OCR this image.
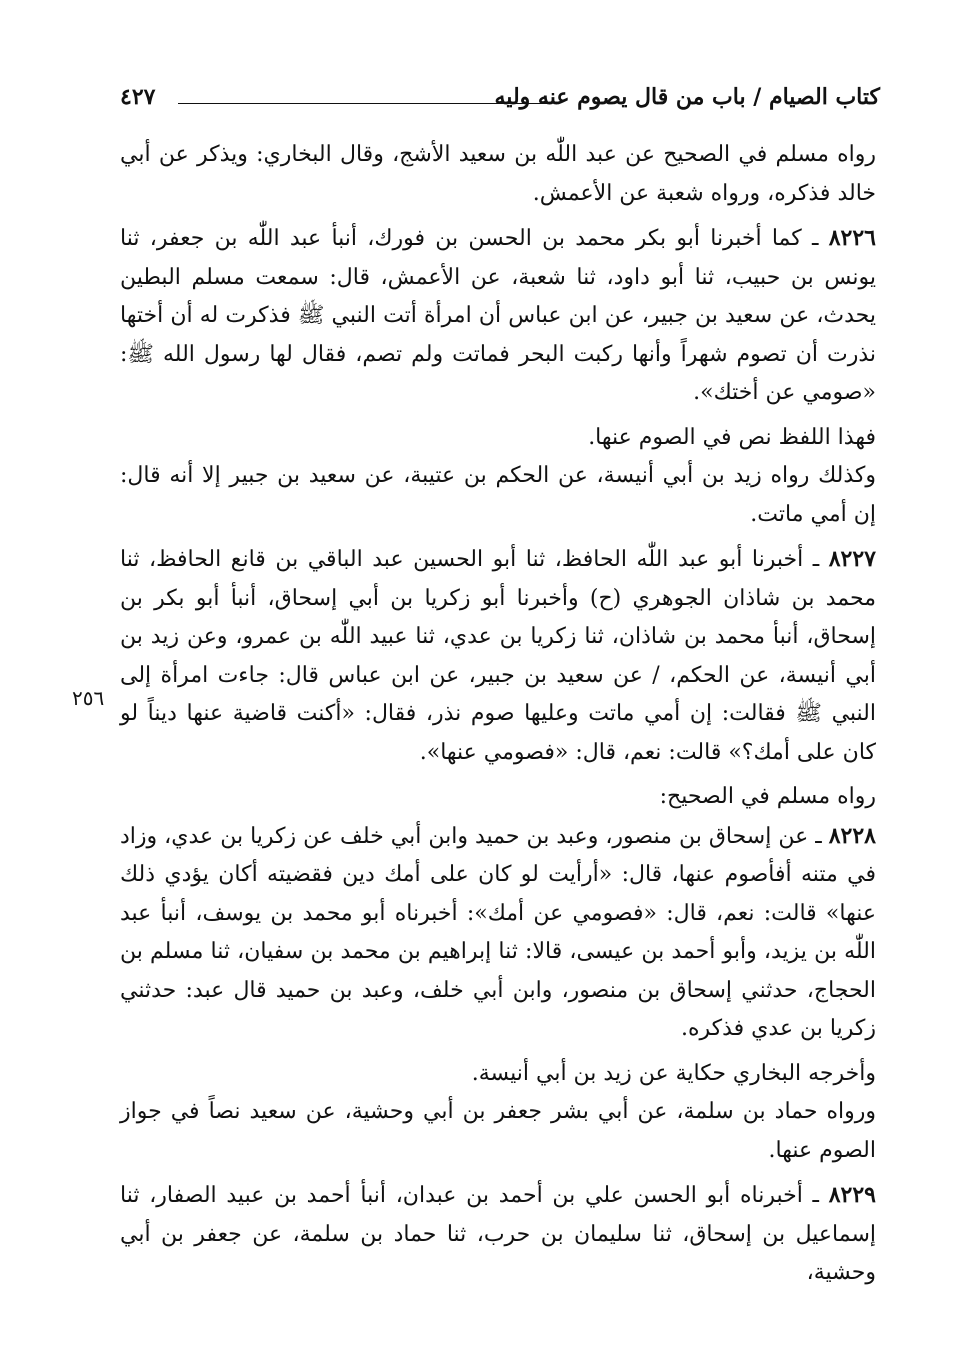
كتاب الصيام / باب من قال يصوم عنه وليه
٤٢٧
٢٥٦

رواه مسلم في الصحيح عن عبد اللّٰه بن سعيد الأشج، وقال البخاري: ويذكر عن أبي خالد فذكره، ورواه شعبة عن الأعمش.

٨٢٢٦ ـ كما أخبرنا أبو بكر محمد بن الحسن بن فورك، أنبأ عبد اللّٰه بن جعفر، ثنا يونس بن حبيب، ثنا أبو داود، ثنا شعبة، عن الأعمش، قال: سمعت مسلم البطين يحدث، عن سعيد بن جبير، عن ابن عباس أن امرأة أتت النبي ﷺ فذكرت له أن أختها نذرت أن تصوم شهراً وأنها ركبت البحر فماتت ولم تصم، فقال لها رسول الله ﷺ: «صومي عن أختك».

فهذا اللفظ نص في الصوم عنها.

وكذلك رواه زيد بن أبي أنيسة، عن الحكم بن عتيبة، عن سعيد بن جبير إلا أنه قال: إن أمي ماتت.

٨٢٢٧ ـ أخبرنا أبو عبد اللّٰه الحافظ، ثنا أبو الحسين عبد الباقي بن قانع الحافظ، ثنا محمد بن شاذان الجوهري (ح) وأخبرنا أبو زكريا بن أبي إسحاق، أنبأ أبو بكر بن إسحاق، أنبأ محمد بن شاذان، ثنا زكريا بن عدي، ثنا عبيد اللّٰه بن عمرو، وعن زيد بن أبي أنيسة، عن الحكم، / عن سعيد بن جبير، عن ابن عباس قال: جاءت امرأة إلى النبي ﷺ فقالت: إن أمي ماتت وعليها صوم نذر، فقال: «أكنت قاضية عنها ديناً لو كان على أمك؟» قالت: نعم، قال: «فصومي عنها».

رواه مسلم في الصحيح:

٨٢٢٨ ـ عن إسحاق بن منصور، وعبد بن حميد وابن أبي خلف عن زكريا بن عدي، وزاد في متنه أفأصوم عنها، قال: «أرأيت لو كان على أمك دين فقضيته أكان يؤدي ذلك عنها» قالت: نعم، قال: «فصومي عن أمك»: أخبرناه أبو محمد بن يوسف، أنبأ عبد اللّٰه بن يزيد، وأبو أحمد بن عيسى، قالا: ثنا إبراهيم بن محمد بن سفيان، ثنا مسلم بن الحجاج، حدثني إسحاق بن منصور، وابن أبي خلف، وعبد بن حميد قال عبد: حدثني زكريا بن عدي فذكره.

وأخرجه البخاري حكاية عن زيد بن أبي أنيسة.

ورواه حماد بن سلمة، عن أبي بشر جعفر بن أبي وحشية، عن سعيد نصاً في جواز الصوم عنها.

٨٢٢٩ ـ أخبرناه أبو الحسن علي بن أحمد بن عبدان، أنبأ أحمد بن عبيد الصفار، ثنا إسماعيل بن إسحاق، ثنا سليمان بن حرب، ثنا حماد بن سلمة، عن جعفر بن أبي وحشية،
